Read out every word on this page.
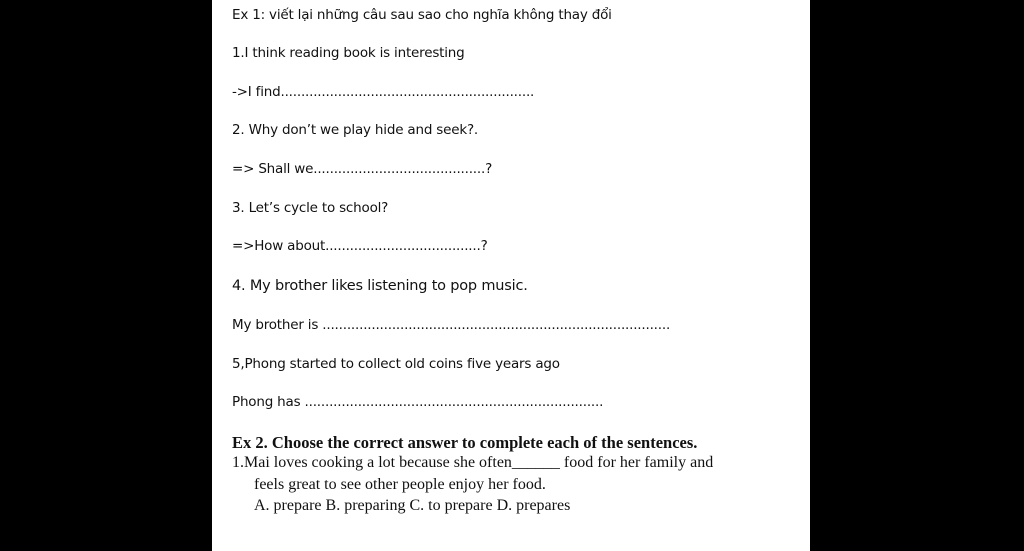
Ex 1: viết lại những câu sau sao cho nghĩa không thay đổi
1.I think reading book is interesting
->I find..............................................................
2. Why don’t we play hide and seek?.
=> Shall we..........................................?
3. Let’s cycle to school?
=>How about......................................?
4. My brother likes listening to pop music.
My brother is .....................................................................................
5,Phong started to collect old coins five years ago
Phong has .........................................................................
Ex 2. Choose the correct answer to complete each of the sentences.
1.Mai loves cooking a lot because she often______ food for her family and
feels great to see other people enjoy her food.
A. prepare B. preparing C. to prepare D. prepares
